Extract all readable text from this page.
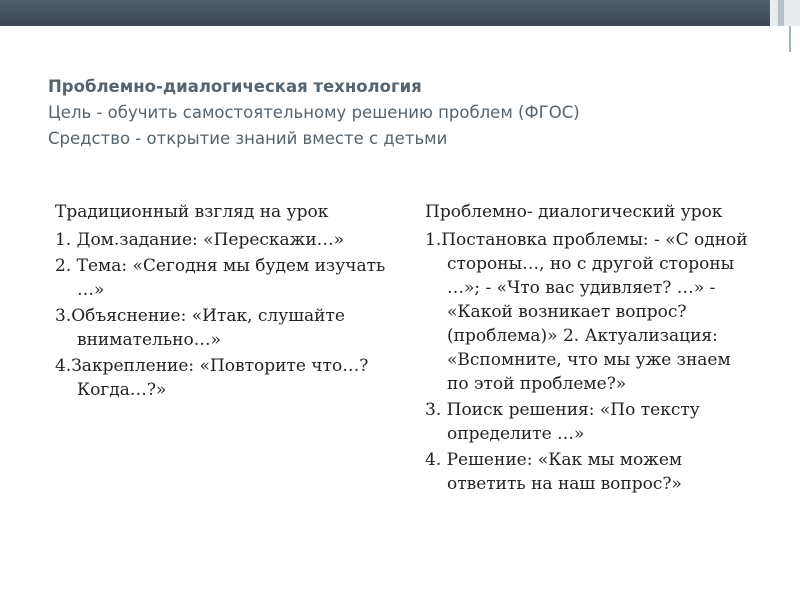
Проблемно-диалогическая технология
Цель - обучить самостоятельному решению проблем (ФГОС)
Средство - открытие знаний вместе с детьми
Традиционный взгляд на урок
1. Дом.задание: «Перескажи…»
2. Тема: «Сегодня мы будем изучать …»
3.Объяснение: «Итак, слушайте внимательно…»
4.Закрепление: «Повторите что…? Когда…?»
Проблемно- диалогический урок
1.Постановка проблемы: - «С одной стороны…, но с другой стороны …»; - «Что вас удивляет? …» - «Какой возникает вопрос? (проблема)» 2. Актуализация: «Вспомните, что мы уже знаем по этой проблеме?»
3. Поиск решения: «По тексту определите …»
4. Решение: «Как мы можем ответить на наш вопрос?»
